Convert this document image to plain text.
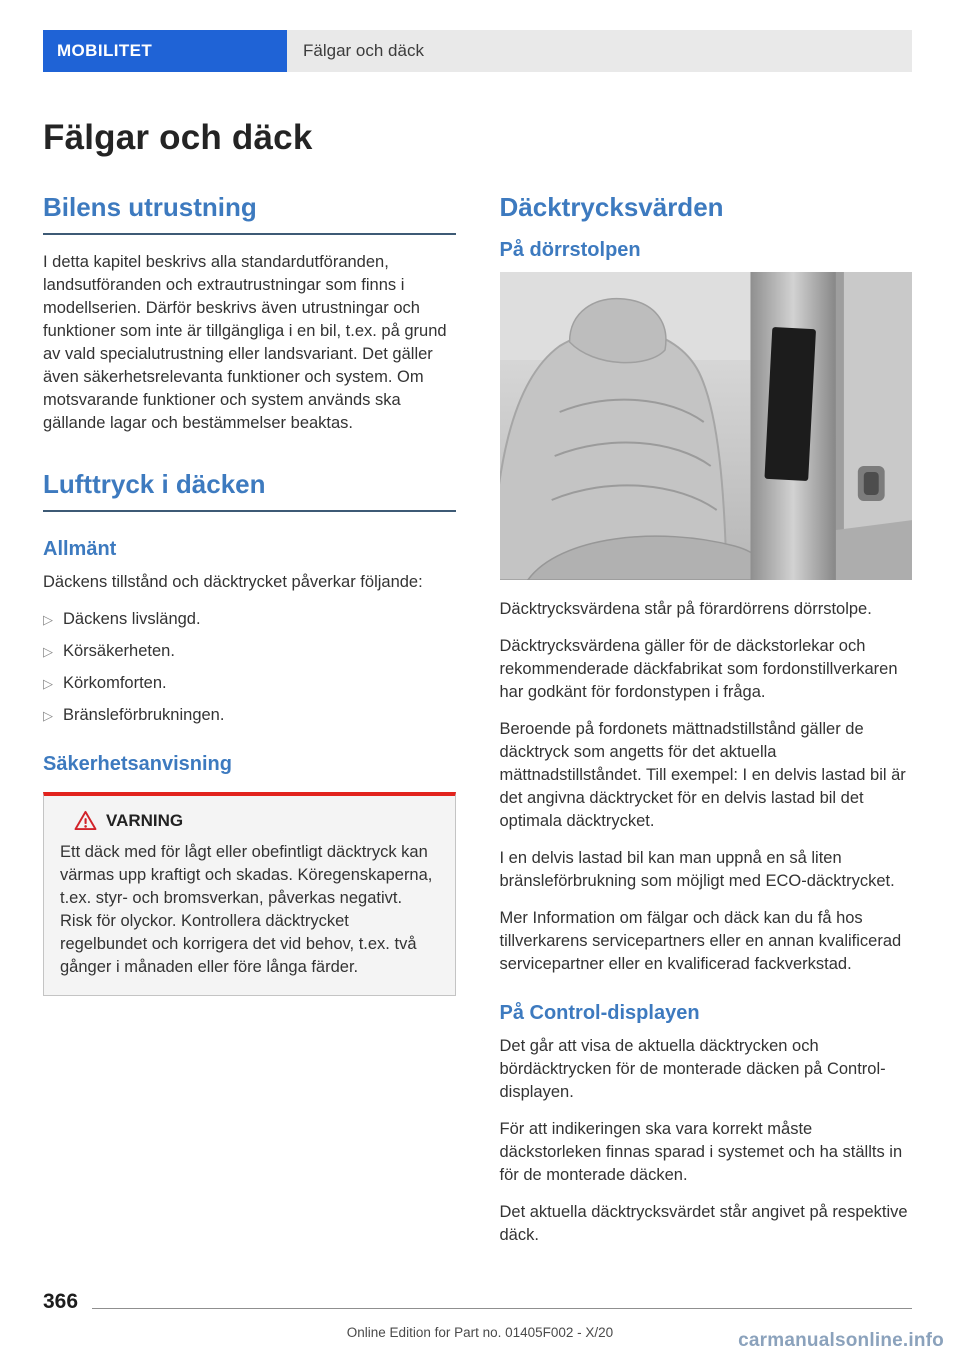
MOBILITET	Fälgar och däck
Fälgar och däck
Bilens utrustning

I detta kapitel beskrivs alla standardutföranden, landsutföranden och extrautrustningar som finns i modellserien. Därför beskrivs även utrustningar och funktioner som inte är tillgängliga i en bil, t.ex. på grund av vald specialutrustning eller landsvariant. Det gäller även säkerhetsrelevanta funktioner och system. Om motsvarande funktioner och system används ska gällande lagar och bestämmelser beaktas.

Lufttryck i däcken
Allmänt

Däckens tillstånd och däcktrycket påverkar följande:

▷ Däckens livslängd.
▷ Körsäkerheten.
▷ Körkomforten.
▷ Bränsleförbrukningen.
Säkerhetsanvisning
VARNING

Ett däck med för lågt eller obefintligt däcktryck kan värmas upp kraftigt och skadas. Köregenskaperna, t.ex. styr- och bromsverkan, påverkas negativt. Risk för olyckor. Kontrollera däcktrycket regelbundet och korrigera det vid behov, t.ex. två gånger i månaden eller före långa färder.

Däcktrycksvärden
På dörrstolpen

Däcktrycksvärdena står på förardörrens dörrstolpe.

Däcktrycksvärdena gäller för de däckstorlekar och rekommenderade däckfabrikat som fordonstillverkaren har godkänt för fordonstypen i fråga.

Beroende på fordonets mättnadstillstånd gäller de däcktryck som angetts för det aktuella mättnadstillståndet. Till exempel: I en delvis lastad bil är det angivna däcktrycket för en delvis lastad bil det optimala däcktrycket.

I en delvis lastad bil kan man uppnå en så liten bränsleförbrukning som möjligt med ECO-däcktrycket.

Mer Information om fälgar och däck kan du få hos tillverkarens servicepartners eller en annan kvalificerad servicepartner eller en kvalificerad fackverkstad.

På Control-displayen

Det går att visa de aktuella däcktrycken och bördäcktrycken för de monterade däcken på Control-displayen.

För att indikeringen ska vara korrekt måste däckstorleken finnas sparad i systemet och ha ställts in för de monterade däcken.

Det aktuella däcktrycksvärdet står angivet på respektive däck.

366
Online Edition for Part no. 01405F002 - X/20	carmanualsonline.info
